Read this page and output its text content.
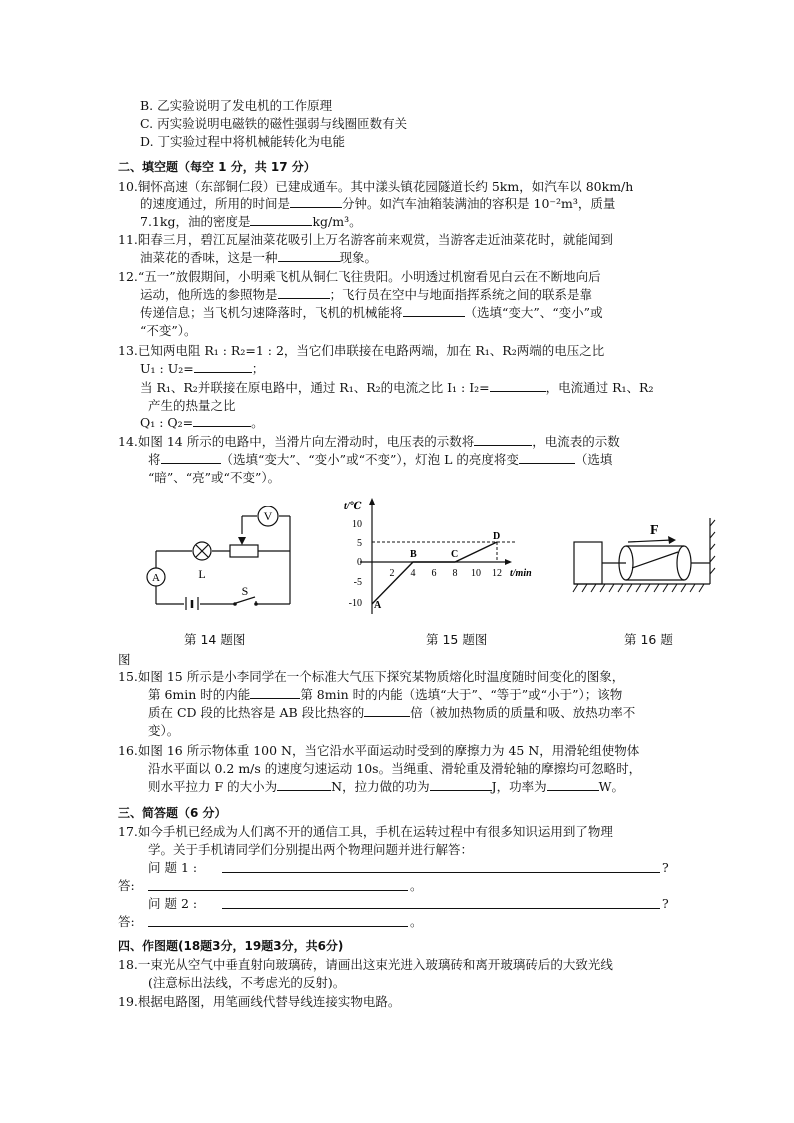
B. 乙实验说明了发电机的工作原理
C. 丙实验说明电磁铁的磁性强弱与线圈匝数有关
D. 丁实验过程中将机械能转化为电能
二、填空题（每空 1 分，共 17 分）
10.铜怀高速（东部铜仁段）已建成通车。其中漾头镇花园隧道长约 5km，如汽车以 80km/h
的速度通过，所用的时间是	分钟。如汽车油箱装满油的容积是 10⁻²m³，质量
7.1kg，油的密度是	kg/m³。
11.阳春三月，碧江瓦屋油菜花吸引上万名游客前来观赏，当游客走近油菜花时，就能闻到
油菜花的香味，这是一种	现象。
12.“五一”放假期间，小明乘飞机从铜仁飞往贵阳。小明透过机窗看见白云在不断地向后
运动，他所选的参照物是	；飞行员在空中与地面指挥系统之间的联系是靠
传递信息；当飞机匀速降落时，飞机的机械能将	（选填“变大”、“变小”或
“不变”）。
13.已知两电阻 R₁ : R₂=1 : 2，当它们串联接在电路两端，加在 R₁、R₂两端的电压之比
U₁ : U₂=	；
当 R₁、R₂并联接在原电路中，通过 R₁、R₂的电流之比 I₁ : I₂=	，电流通过 R₁、R₂
产生的热量之比
Q₁ : Q₂=	。
14.如图 14 所示的电路中，当滑片向左滑动时，电压表的示数将	，电流表的示数
将	（选填“变大”、“变小”或“不变”），灯泡 L 的亮度将变	（选填
“暗”、“亮”或“不变”）。
V
L
A
S
t/℃
t/min
10
5
0
-5
-10
2 4 6 8 10 12
A
B	C
D	F
第 14 题图	第 15 题图	第 16 题
图
15.如图 15 所示是小李同学在一个标准大气压下探究某物质熔化时温度随时间变化的图象，
第 6min 时的内能	第 8min 时的内能（选填“大于”、“等于”或“小于”）；该物
质在 CD 段的比热容是 AB 段比热容的	倍（被加热物质的质量和吸、放热功率不
变）。
16.如图 16 所示物体重 100 N，当它沿水平面运动时受到的摩擦力为 45 N，用滑轮组使物体
沿水平面以 0.2 m/s 的速度匀速运动 10s。当绳重、滑轮重及滑轮轴的摩擦均可忽略时，
则水平拉力 F 的大小为	N，拉力做的功为	J，功率为	W。
三、简答题（6 分）
17.如今手机已经成为人们离不开的通信工具，手机在运转过程中有很多知识运用到了物理
学。关于手机请同学们分别提出两个物理问题并进行解答：
问 题 1 :	?
答:	。
问 题 2 :	?
答:	。
四、作图题(18题3分，19题3分，共6分)
18.一束光从空气中垂直射向玻璃砖，请画出这束光进入玻璃砖和离开玻璃砖后的大致光线
(注意标出法线，不考虑光的反射)。
19.根据电路图，用笔画线代替导线连接实物电路。
